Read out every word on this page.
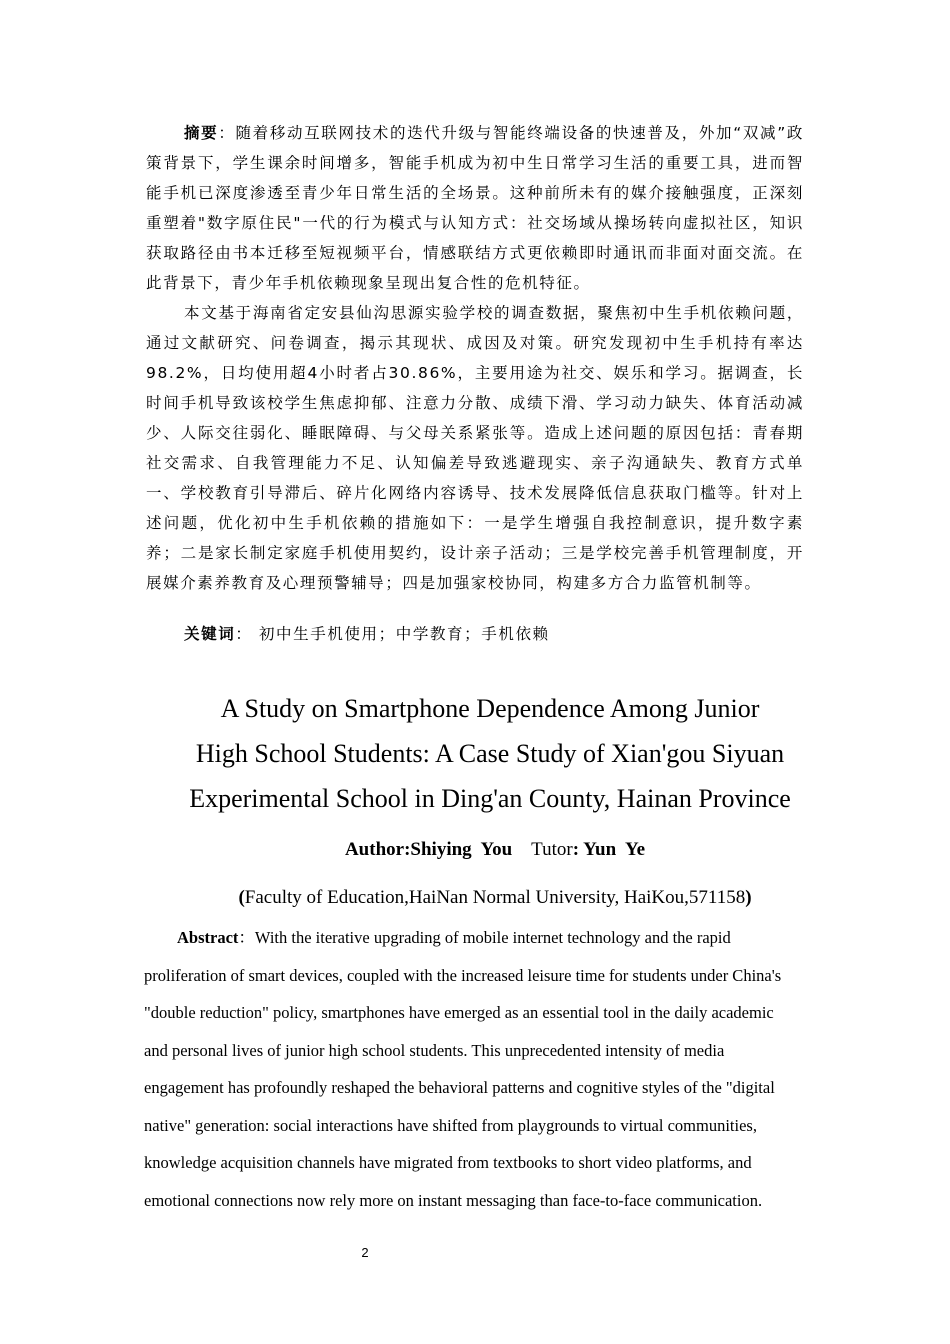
摘要：随着移动互联网技术的迭代升级与智能终端设备的快速普及，外加“双减”政策背景下，学生课余时间增多，智能手机成为初中生日常学习生活的重要工具，进而智能手机已深度渗透至青少年日常生活的全场景。这种前所未有的媒介接触强度，正深刻重塑着"数字原住民"一代的行为模式与认知方式：社交场域从操场转向虚拟社区，知识获取路径由书本迁移至短视频平台，情感联结方式更依赖即时通讯而非面对面交流。在此背景下，青少年手机依赖现象呈现出复合性的危机特征。

本文基于海南省定安县仙沟思源实验学校的调查数据，聚焦初中生手机依赖问题，通过文献研究、问卷调查，揭示其现状、成因及对策。研究发现初中生手机持有率达98.2%，日均使用超4小时者占30.86%，主要用途为社交、娱乐和学习。据调查，长时间手机导致该校学生焦虑抑郁、注意力分散、成绩下滑、学习动力缺失、体育活动减少、人际交往弱化、睡眠障碍、与父母关系紧张等。造成上述问题的原因包括：青春期社交需求、自我管理能力不足、认知偏差导致逃避现实、亲子沟通缺失、教育方式单一、学校教育引导滞后、碎片化网络内容诱导、技术发展降低信息获取门槛等。针对上述问题，优化初中生手机依赖的措施如下：一是学生增强自我控制意识，提升数字素养；二是家长制定家庭手机使用契约，设计亲子活动；三是学校完善手机管理制度，开展媒介素养教育及心理预警辅导；四是加强家校协同，构建多方合力监管机制等。

关键词： 初中生手机使用；中学教育；手机依赖

A Study on Smartphone Dependence Among Junior
High School Students: A Case Study of Xian'gou Siyuan
Experimental School in Ding'an County, Hainan Province

Author:Shiying  You Tutor: Yun  Ye

(Faculty of Education,HaiNan Normal University, HaiKou,571158)

Abstract：With the iterative upgrading of mobile internet technology and the rapid
proliferation of smart devices, coupled with the increased leisure time for students under China's
"double reduction" policy, smartphones have emerged as an essential tool in the daily academic
and personal lives of junior high school students. This unprecedented intensity of media
engagement has profoundly reshaped the behavioral patterns and cognitive styles of the "digital
native" generation: social interactions have shifted from playgrounds to virtual communities,
knowledge acquisition channels have migrated from textbooks to short video platforms, and
emotional connections now rely more on instant messaging than face-to-face communication.

2
